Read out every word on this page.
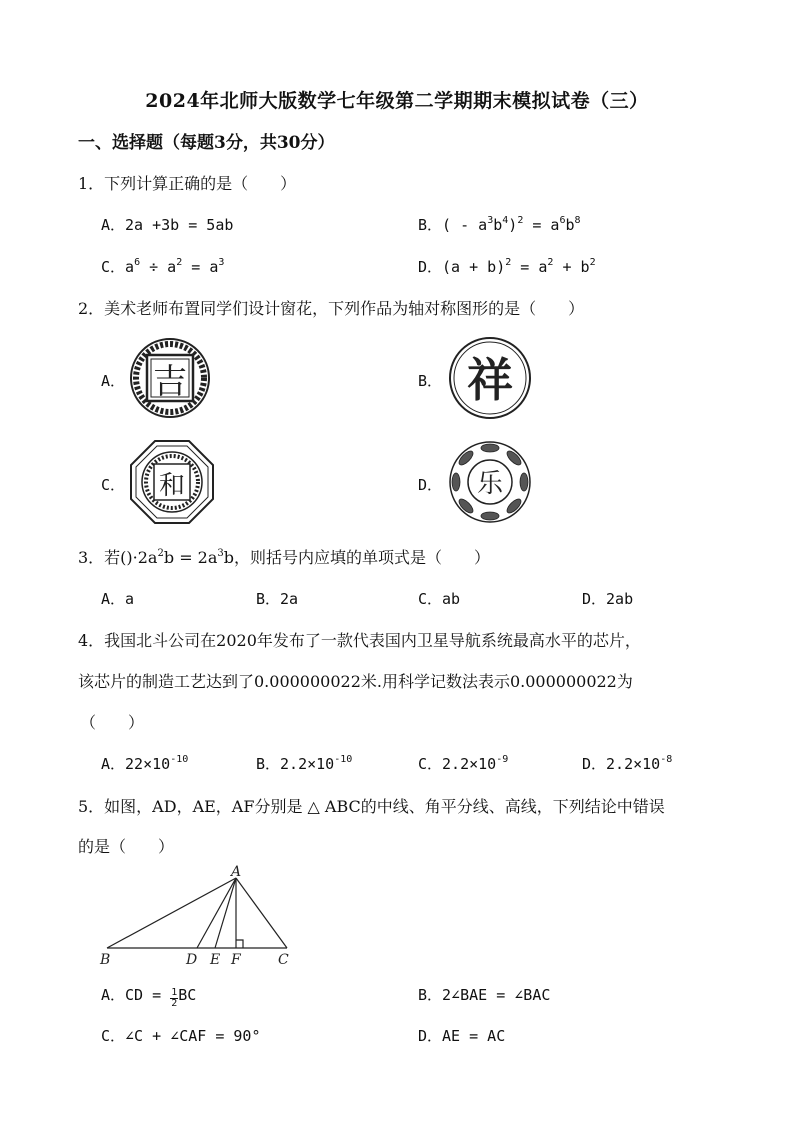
2024年北师大版数学七年级第二学期期末模拟试卷（三）
一、选择题（每题3分，共30分）
1．下列计算正确的是（　　）
A．2a +3b = 5ab	B．( - $a^3b^4)^2 = a^6b^8$
C．$a^6 \div a^2 = a^3$	D．$(a + b)^2 = a^2 + b^2$
2．美术老师布置同学们设计窗花，下列作品为轴对称图形的是（　　）
A． 吉	B． 祥
C． 和	D． 乐
3．若$()\cdot 2a^2b = 2a^3b$，则括号内应填的单项式是（　　）
A．a	B．2a	C．ab	D．2ab
4．我国北斗公司在2020年发布了一款代表国内卫星导航系统最高水平的芯片，
该芯片的制造工艺达到了0.000000022米.用科学记数法表示0.000000022为
（　　）
A．$22\times 10^{-10}$	B．$2.2\times 10^{-10}$	C．$2.2\times 10^{-9}$	D．$2.2\times 10^{-8}$
5．如图，AD，AE，AF分别是 △ ABC的中线、角平分线、高线，下列结论中错误
的是（　　）
A
B	C
D E F
A．CD = $\frac{1}{2}$ BC	B．2∠BAE = ∠BAC
C．∠C + ∠CAF = 90°	D．AE = AC
